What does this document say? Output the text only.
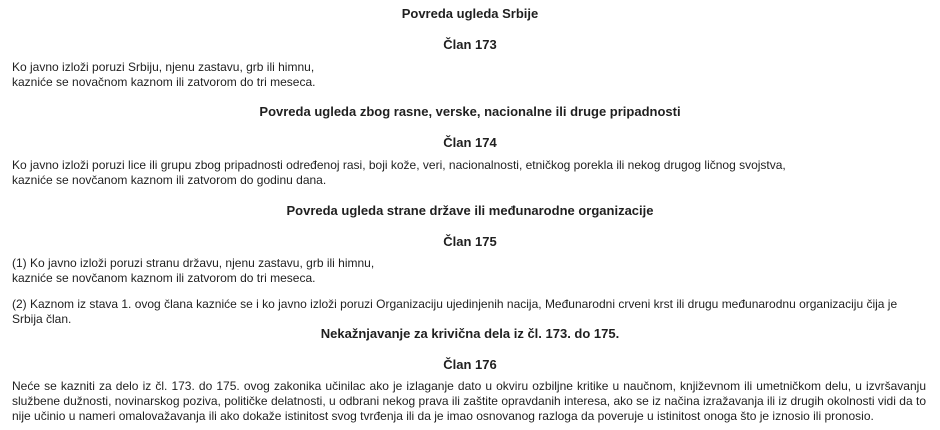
Povreda ugleda Srbije
Član 173

Ko javno izloži poruzi Srbiju, njenu zastavu, grb ili himnu,
kazniće se novačnom kaznom ili zatvorom do tri meseca.

Povreda ugleda zbog rasne, verske, nacionalne ili druge pripadnosti
Član 174

Ko javno izloži poruzi lice ili grupu zbog pripadnosti određenoj rasi, boji kože, veri, nacionalnosti, etničkog porekla ili nekog drugog ličnog svojstva,
kazniće se novčanom kaznom ili zatvorom do godinu dana.

Povreda ugleda strane države ili međunarodne organizacije
Član 175

(1) Ko javno izloži poruzi stranu državu, njenu zastavu, grb ili himnu,
kazniće se novčanom kaznom ili zatvorom do tri meseca.

(2) Kaznom iz stava 1. ovog člana kazniće se i ko javno izloži poruzi Organizaciju ujedinjenih nacija, Međunarodni crveni krst ili drugu međunarodnu organizaciju čija je Srbija član.

Nekažnjavanje za krivična dela iz čl. 173. do 175.
Član 176

Neće se kazniti za delo iz čl. 173. do 175. ovog zakonika učinilac ako je izlaganje dato u okviru ozbiljne kritike u naučnom, književnom ili umetničkom delu, u izvršavanju službene dužnosti, novinarskog poziva, političke delatnosti, u odbrani nekog prava ili zaštite opravdanih interesa, ako se iz načina izražavanja ili iz drugih okolnosti vidi da to nije učinio u nameri omalovažavanja ili ako dokaže istinitost svog tvrđenja ili da je imao osnovanog razloga da poveruje u istinitost onoga što je iznosio ili pronosio.
